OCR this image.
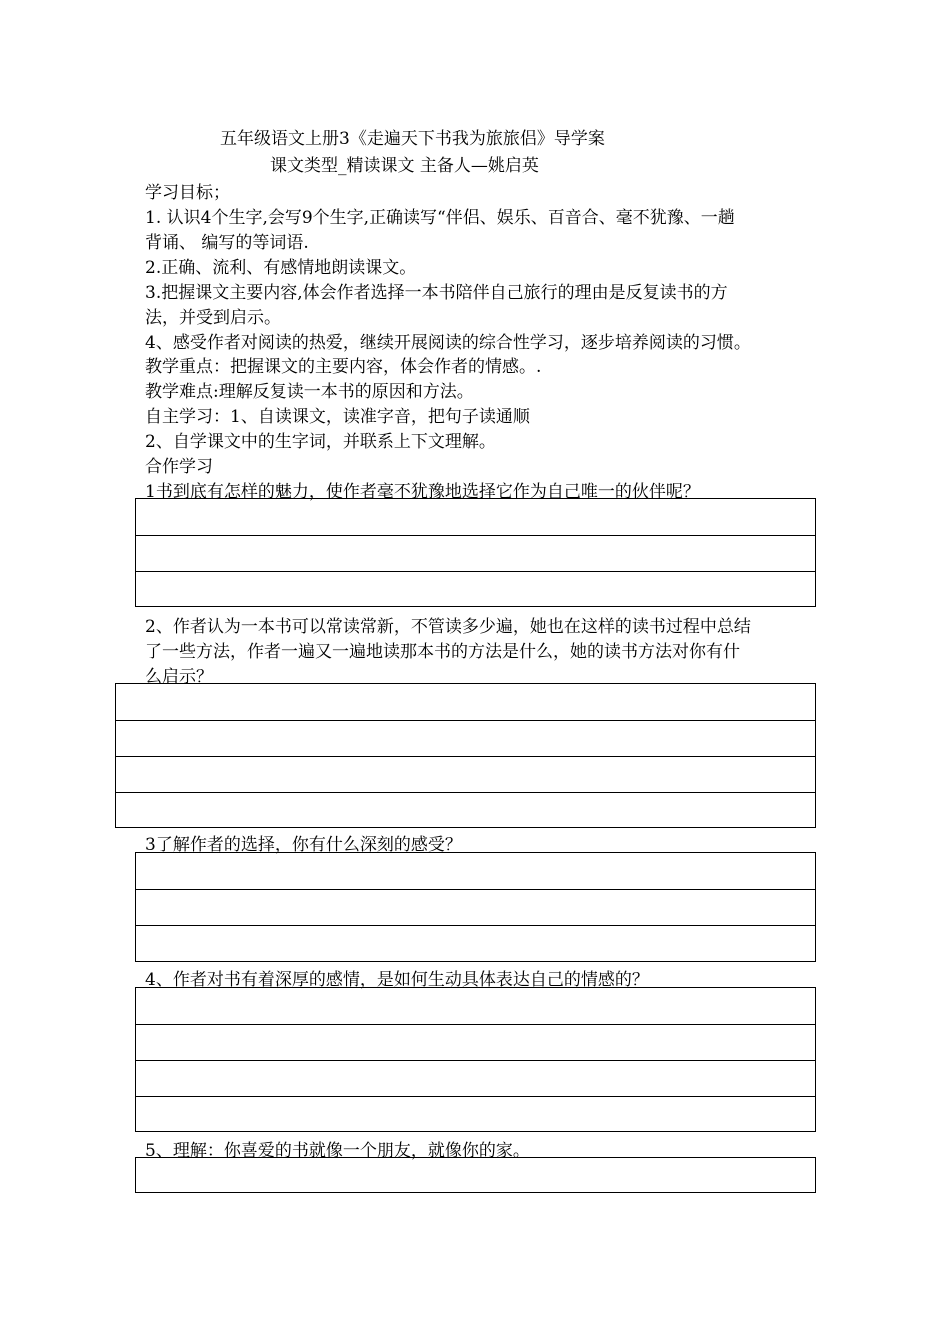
五年级语文上册3《走遍天下书我为旅旅侣》导学案
课文类型_精读课文 主备人—姚启英
学习目标；
1. 认识4个生字,会写9个生字,正确读写“伴侣、娱乐、百音合、毫不犹豫、一趟
背诵、 编写的等词语.
2.正确、流利、有感情地朗读课文。
3.把握课文主要内容,体会作者选择一本书陪伴自己旅行的理由是反复读书的方
法，并受到启示。
4、感受作者对阅读的热爱，继续开展阅读的综合性学习，逐步培养阅读的习惯。
教学重点：把握课文的主要内容，体会作者的情感。.
教学难点:理解反复读一本书的原因和方法。
自主学习：1、自读课文，读准字音，把句子读通顺
2、自学课文中的生字词，并联系上下文理解。
合作学习
1书到底有怎样的魅力，使作者毫不犹豫地选择它作为自己唯一的伙伴呢？
2、作者认为一本书可以常读常新，不管读多少遍，她也在这样的读书过程中总结
了一些方法，作者一遍又一遍地读那本书的方法是什么，她的读书方法对你有什
么启示？
3了解作者的选择，你有什么深刻的感受？
4、作者对书有着深厚的感情，是如何生动具体表达自己的情感的？
5、理解：你喜爱的书就像一个朋友，就像你的家。
